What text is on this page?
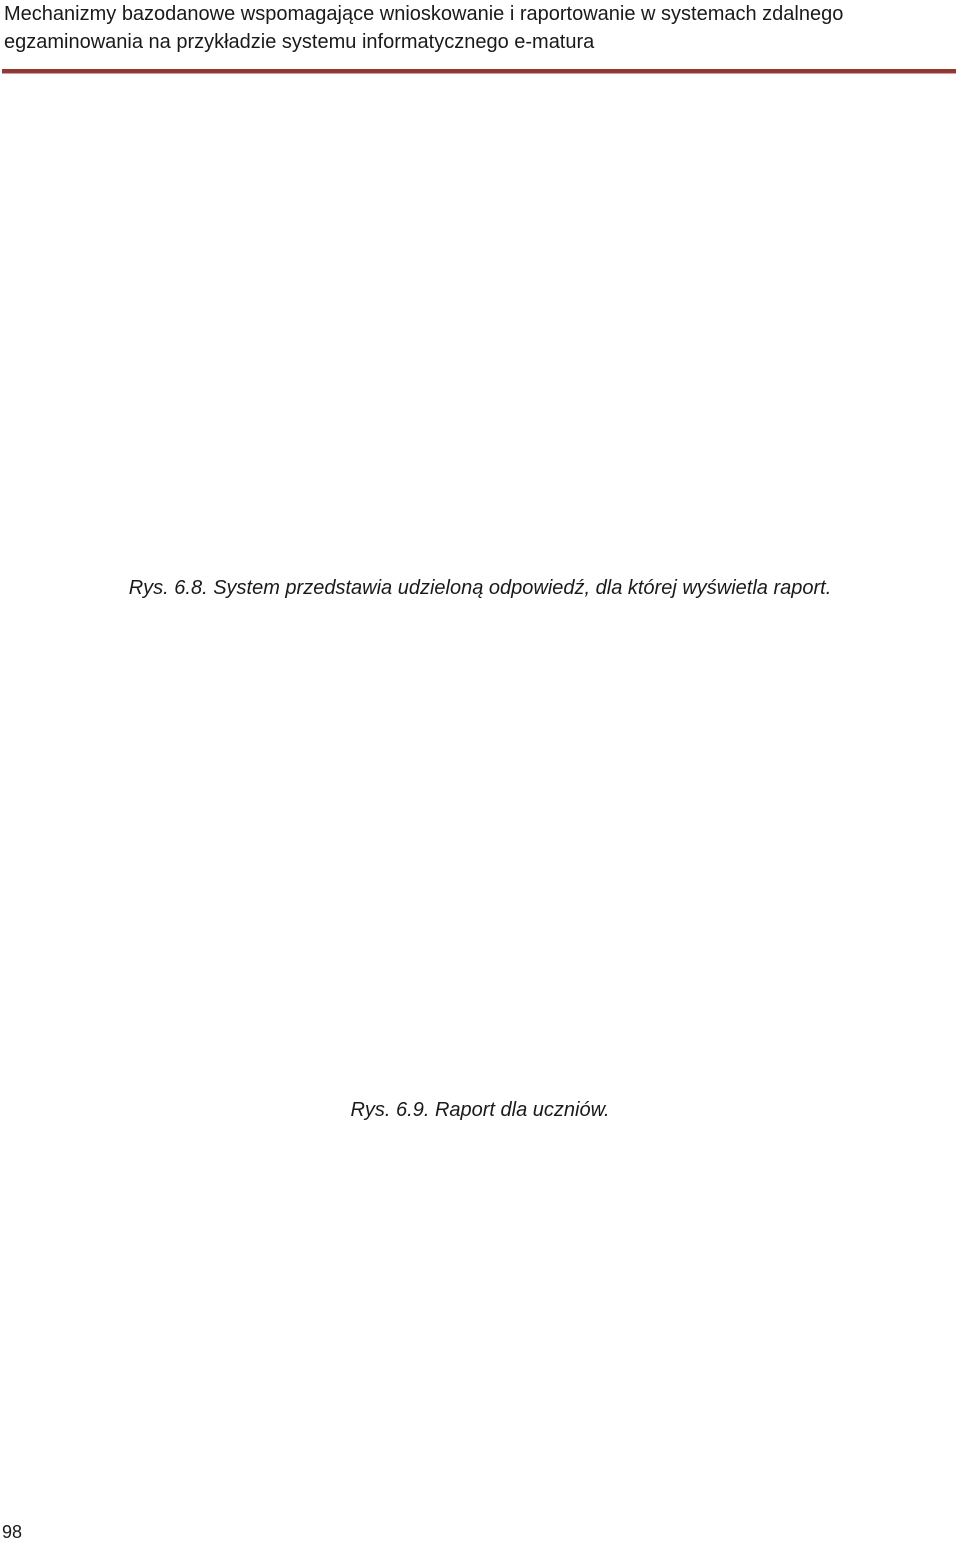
Mechanizmy bazodanowe wspomagające wnioskowanie i raportowanie w systemach zdalnego
egzaminowania na przykładzie systemu informatycznego e-matura
Rys. 6.8. System przedstawia udzieloną odpowiedź, dla której wyświetla raport.
Rys. 6.9. Raport dla uczniów.
98
